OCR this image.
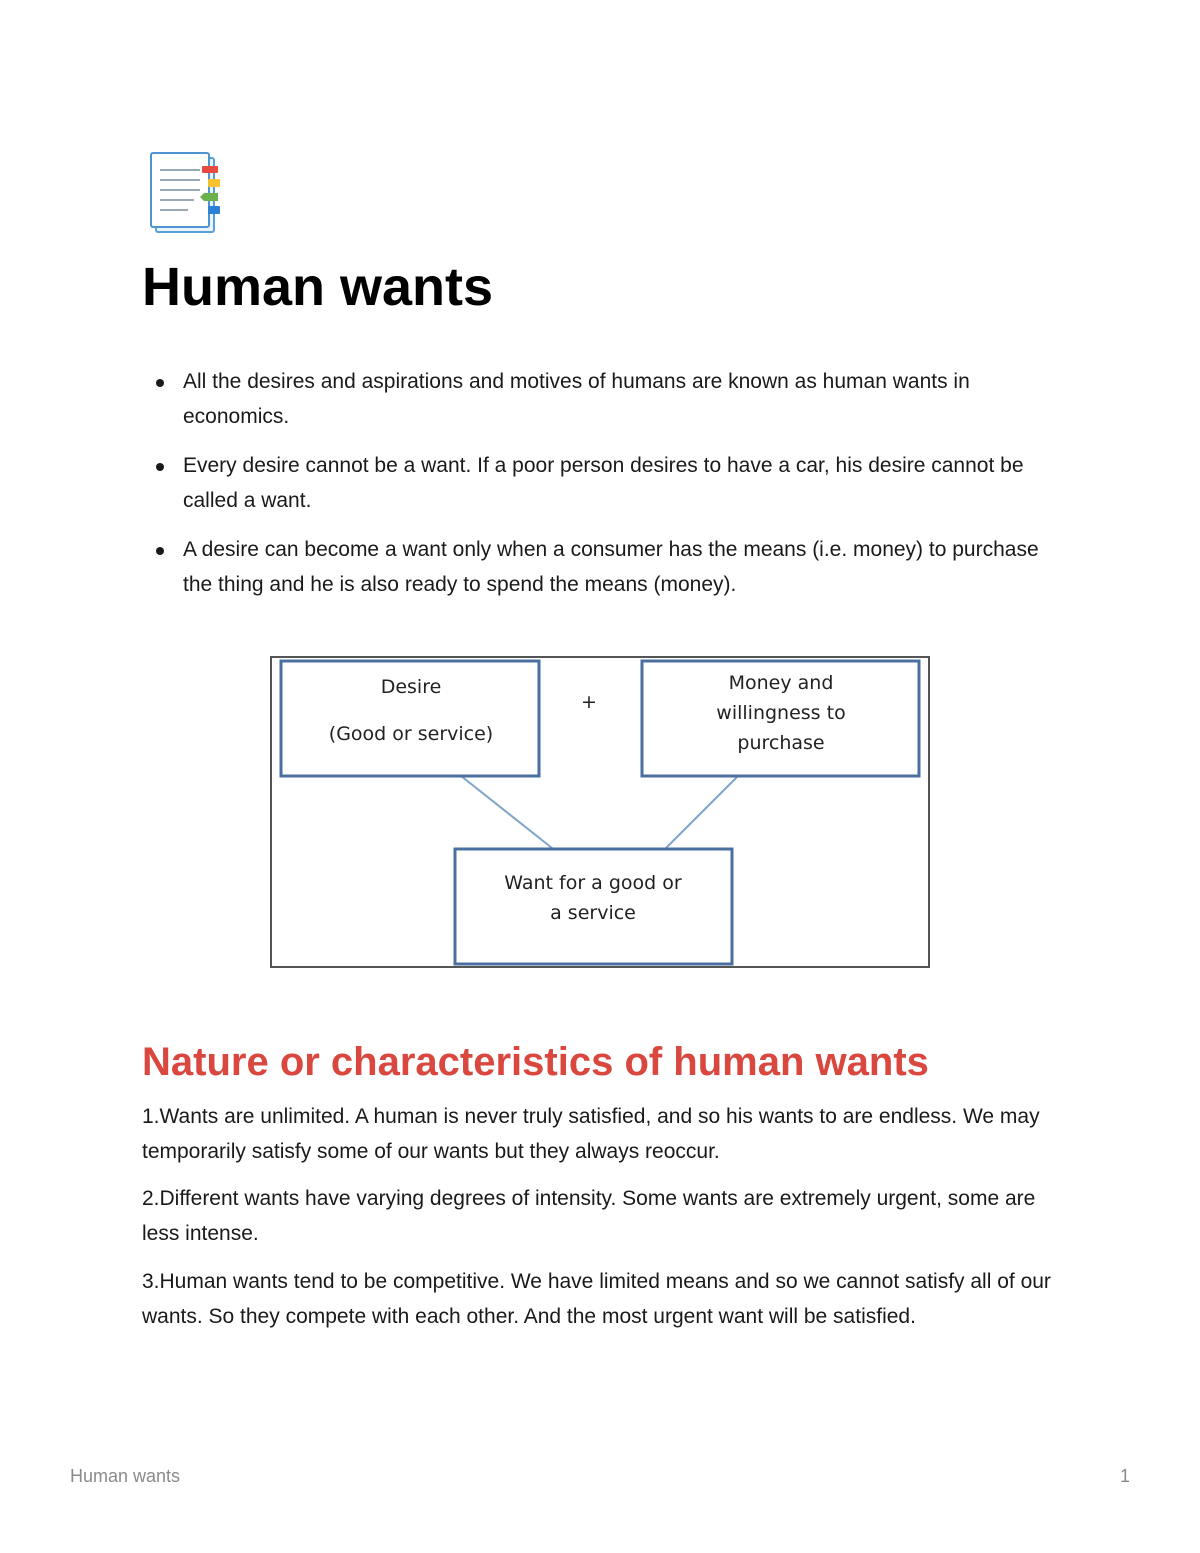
Human wants
All the desires and aspirations and motives of humans are known as human wants in economics.
Every desire cannot be a want. If a poor person desires to have a car, his desire cannot be called a want.
A desire can become a want only when a consumer has the means (i.e. money) to purchase the thing and he is also ready to spend the means (money).
Desire
(Good or service)
+
Money and
willingness to
purchase
Want for a good or
a service
Nature or characteristics of human wants

1.Wants are unlimited. A human is never truly satisfied, and so his wants to are endless. We may temporarily satisfy some of our wants but they always reoccur.

2.Different wants have varying degrees of intensity. Some wants are extremely urgent, some are less intense.

3.Human wants tend to be competitive. We have limited means and so we cannot satisfy all of our wants. So they compete with each other. And the most urgent want will be satisfied.

Human wants	1
